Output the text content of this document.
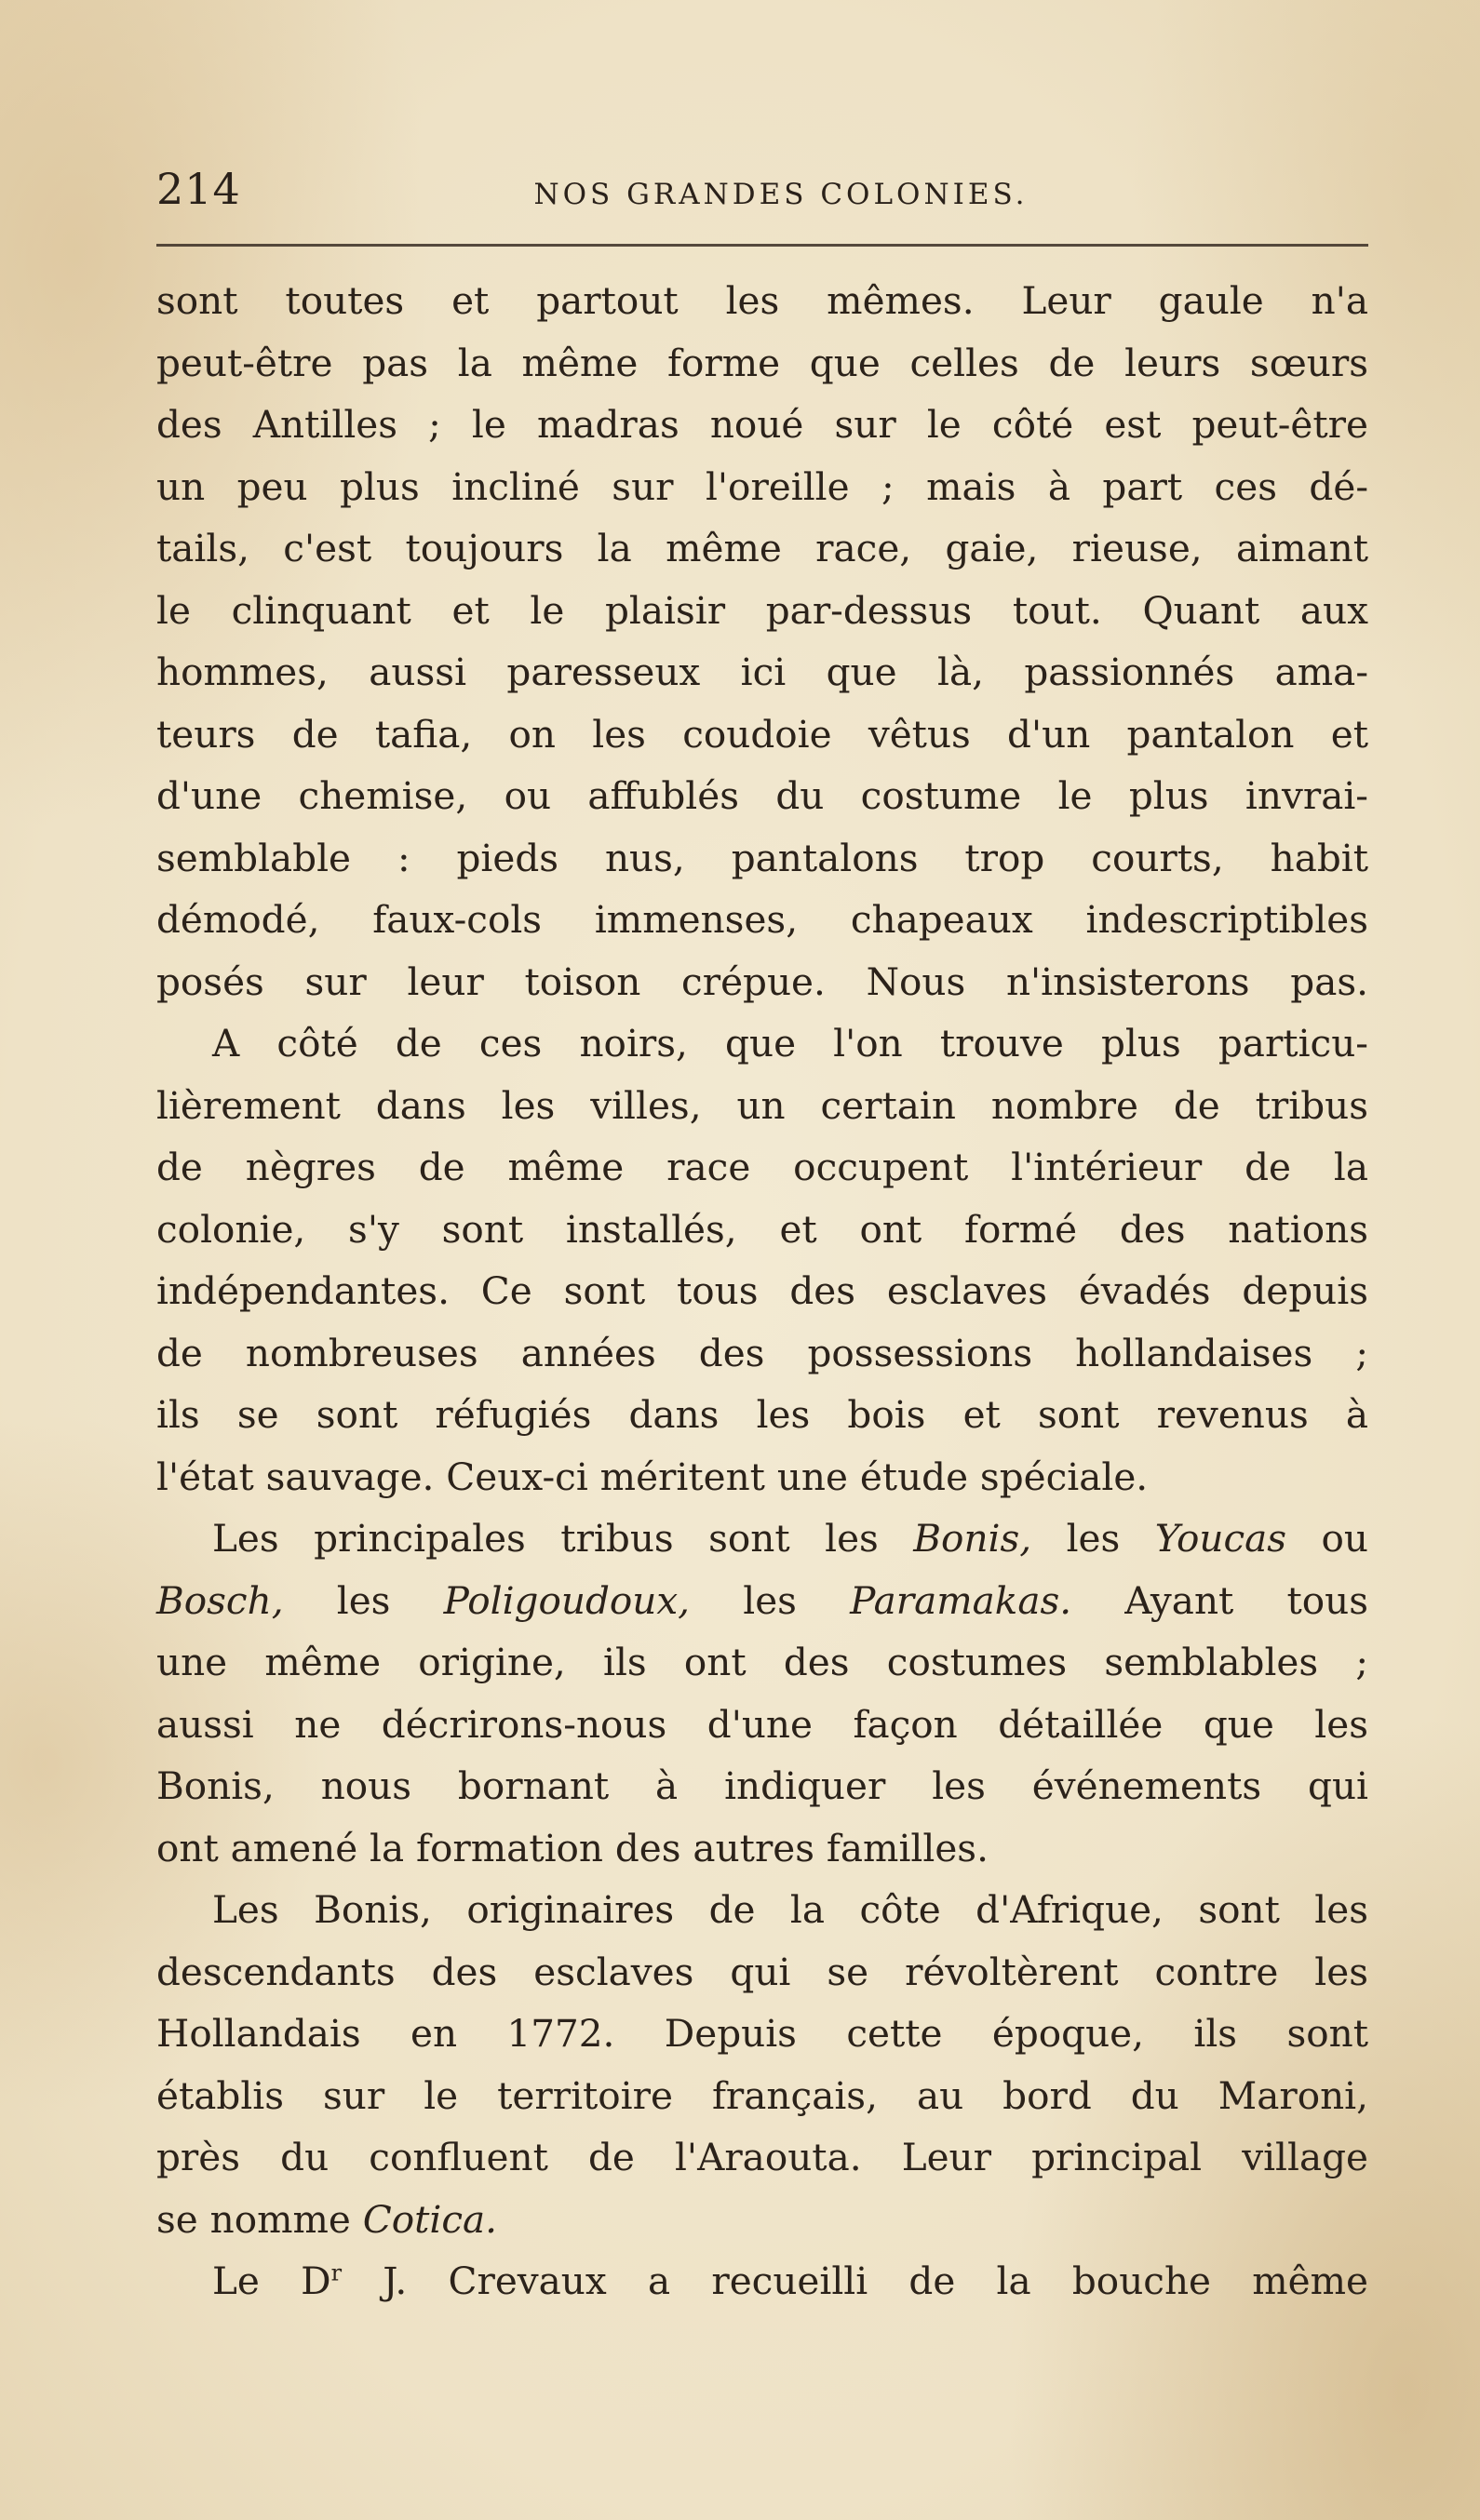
214	NOS GRANDES COLONIES.
sont toutes et partout les mêmes. Leur gaule n'a
peut-être pas la même forme que celles de leurs sœurs
des Antilles ; le madras noué sur le côté est peut-être
un peu plus incliné sur l'oreille ; mais à part ces dé-
tails, c'est toujours la même race, gaie, rieuse, aimant
le clinquant et le plaisir par-dessus tout. Quant aux
hommes, aussi paresseux ici que là, passionnés ama-
teurs de tafia, on les coudoie vêtus d'un pantalon et
d'une chemise, ou affublés du costume le plus invrai-
semblable : pieds nus, pantalons trop courts, habit
démodé, faux-cols immenses, chapeaux indescriptibles
posés sur leur toison crépue. Nous n'insisterons pas.
A côté de ces noirs, que l'on trouve plus particu-
lièrement dans les villes, un certain nombre de tribus
de nègres de même race occupent l'intérieur de la
colonie, s'y sont installés, et ont formé des nations
indépendantes. Ce sont tous des esclaves évadés depuis
de nombreuses années des possessions hollandaises ;
ils se sont réfugiés dans les bois et sont revenus à
l'état sauvage. Ceux-ci méritent une étude spéciale.
Les principales tribus sont les Bonis, les Youcas ou
Bosch, les Poligoudoux, les Paramakas. Ayant tous
une même origine, ils ont des costumes semblables ;
aussi ne décrirons-nous d'une façon détaillée que les
Bonis, nous bornant à indiquer les événements qui
ont amené la formation des autres familles.
Les Bonis, originaires de la côte d'Afrique, sont les
descendants des esclaves qui se révoltèrent contre les
Hollandais en 1772. Depuis cette époque, ils sont
établis sur le territoire français, au bord du Maroni,
près du confluent de l'Araouta. Leur principal village
se nomme Cotica.
Le $D^r$ J. Crevaux a recueilli de la bouche même
